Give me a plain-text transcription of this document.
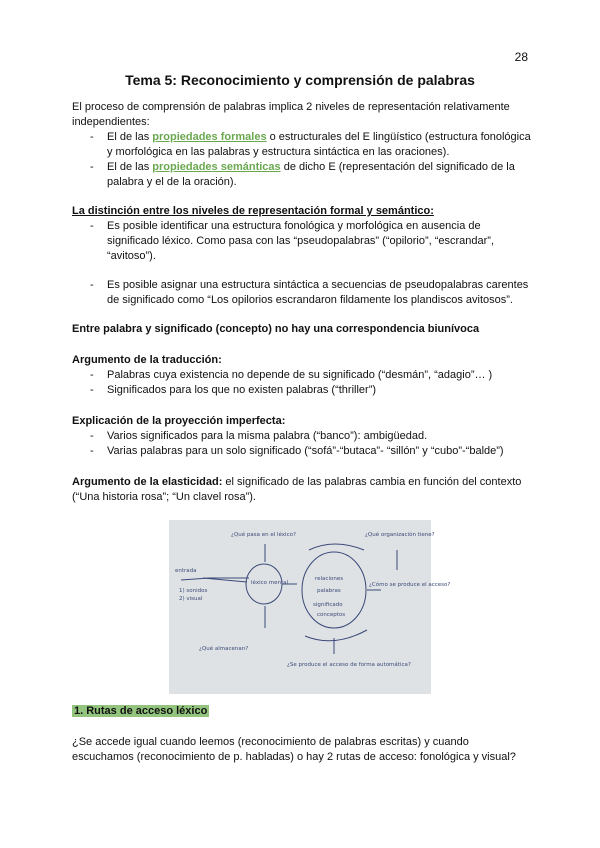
28
Tema 5: Reconocimiento y comprensión de palabras

El proceso de comprensión de palabras implica 2 niveles de representación relativamente independientes:

- El de las propiedades formales o estructurales del E lingüístico (estructura fonológica y morfológica en las palabras y estructura sintáctica en las oraciones).
- El de las propiedades semánticas de dicho E (representación del significado de la palabra y el de la oración).

La distinción entre los niveles de representación formal y semántico:

- Es posible identificar una estructura fonológica y morfológica en ausencia de significado léxico. Como pasa con las “pseudopalabras” (“opilorio”, “escrandar”, “avitoso”).
- Es posible asignar una estructura sintáctica a secuencias de pseudopalabras carentes de significado como “Los opilorios escrandaron fildamente los plandiscos avitosos”.

Entre palabra y significado (concepto) no hay una correspondencia biunívoca

Argumento de la traducción:

- Palabras cuya existencia no depende de su significado (“desmán”, “adagio”… )
- Significados para los que no existen palabras (“thriller”)

Explicación de la proyección imperfecta:

- Varios significados para la misma palabra (“banco”): ambigüedad.
- Varias palabras para un solo significado (“sofá”-“butaca”- “sillón” y “cubo”-“balde”)

Argumento de la elasticidad: el significado de las palabras cambia en función del contexto (“Una historia rosa”; “Un clavel rosa”).

entrada
1) sonidos
2) visual
léxico mental
relaciones
palabras
significado
conceptos
¿Qué pasa en el léxico?	¿Qué organización tiene?
¿Cómo se produce el acceso?
¿Qué almacenan?
¿Se produce el acceso de forma automática?

1. Rutas de acceso léxico

¿Se accede igual cuando leemos (reconocimiento de palabras escritas) y cuando escuchamos (reconocimiento de p. habladas) o hay 2 rutas de acceso: fonológica y visual?
